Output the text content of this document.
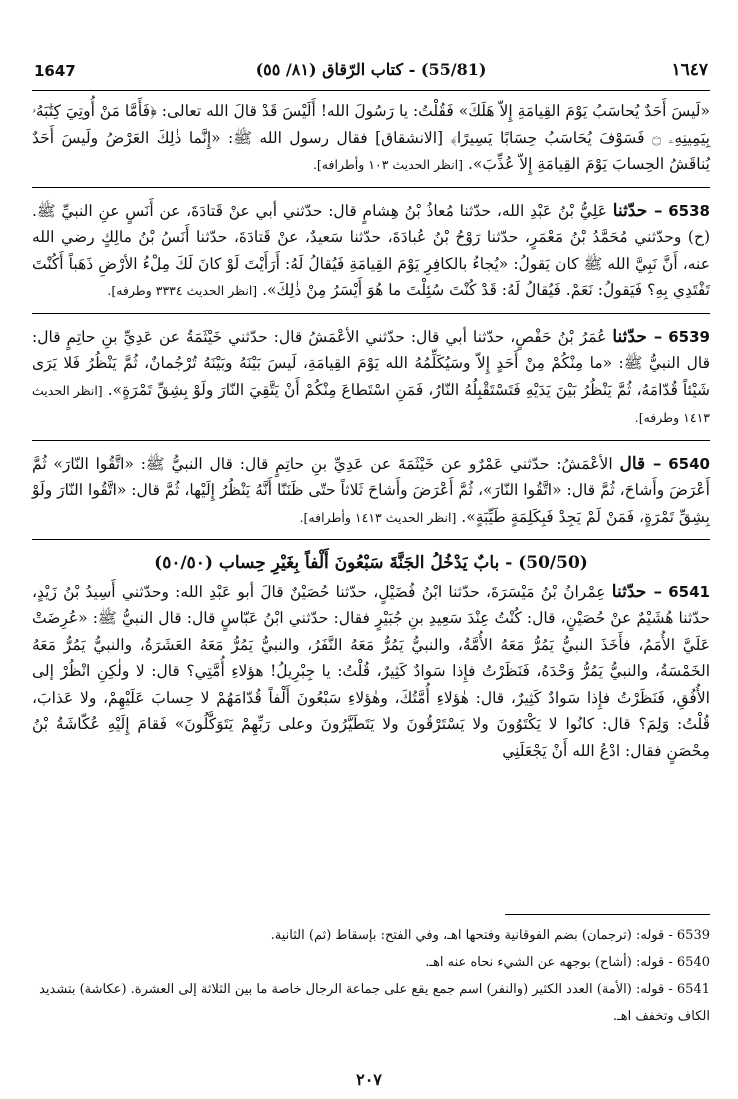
1647	(55/81) - كتاب الرّقاق (٨١/ ٥٥)	١٦٤٧

«لَيسَ أَحَدٌ يُحاسَبُ يَوْمَ القِيامَةِ إِلاّ هَلَكَ» فَقُلْتُ: يا رَسُولَ الله! أَلَيْسَ قَدْ قالَ الله تعالى: ﴿فَأَمَّا مَنْ أُوتِيَ كِتَٰبَهُۥ بِيَمِينِهِۦ ۝ فَسَوْفَ يُحَاسَبُ حِسَابًا يَسِيرًا﴾ [الانشقاق] فقال رسول الله ﷺ: «إِنَّما ذٰلِكَ العَرْضُ ولَيسَ أَحَدٌ يُناقَشُ الحِسابَ يَوْمَ القِيامَةِ إِلاّ عُذِّبَ». [انظر الحديث ١٠٣ وأطرافه].

6538 – حدّثنا عَلِيُّ بْنُ عَبْدِ الله، حدّثنا مُعاذُ بْنُ هِشامٍ قال: حدّثني أبي عنْ قَتادَةَ، عن أَنَسٍ عنِ النبيِّ ﷺ. (ح) وحدّثني مُحَمَّدُ بْنُ مَعْمَرٍ، حدّثنا رَوْحُ بْنُ عُبادَةَ، حدّثنا سَعيدٌ، عنْ قَتادَةَ، حدّثنا أَنَسُ بْنُ مالِكٍ رضي الله عنه، أَنَّ نَبِيَّ الله ﷺ كان يَقولُ: «يُجاءُ بالكافِرِ يَوْمَ القِيامَةِ فَيُقالُ لَهُ: أَرَأَيْتَ لَوْ كانَ لَكَ مِلْءُ الأرْضِ ذَهَباً أَكُنْتَ تَفْتَدِي بِهِ؟ فَيَقولُ: نَعَمْ. فَيُقالُ لَهُ: قَدْ كُنْتَ سُئِلْتَ ما هُوَ أَيْسَرُ مِنْ ذٰلِكَ». [انظر الحديث ٣٣٣٤ وطرفه].

6539 – حدّثنا عُمَرُ بْنُ حَفْصٍ، حدّثنا أبي قال: حدّثني الأعْمَشُ قال: حدّثني خَيْثَمَةُ عن عَدِيِّ بنِ حاتِمٍ قال: قال النبيُّ ﷺ: «ما مِنْكُمْ مِنْ أَحَدٍ إِلاّ وسَيُكَلِّمُهُ الله يَوْمَ القِيامَةِ، لَيسَ بَيْنَهُ وبَيْنَهُ تُرْجُمانٌ، ثُمَّ يَنْظُرُ فَلا يَرَى شَيْئاً قُدّامَهُ، ثُمَّ يَنْظُرُ بَيْنَ يَدَيْهِ فَتَسْتَقْبِلُهُ النّارُ، فَمَنِ اسْتَطاعَ مِنْكُمْ أَنْ يَتَّقِيَ النّارَ ولَوْ بِشِقِّ تَمْرَةٍ». [انظر الحديث ١٤١٣ وطرفه].

6540 – قال الأعْمَشُ: حدّثني عَمْرٌو عن خَيْثَمَةَ عن عَدِيِّ بنِ حاتِمٍ قال: قال النبيُّ ﷺ: «اتَّقُوا النّارَ» ثُمَّ أَعْرَضَ وأَشاحَ، ثُمَّ قال: «اتَّقُوا النّارَ»، ثُمَّ أَعْرَضَ وأَشاحَ ثَلاثاً حتّى ظَنَنّا أَنَّهُ يَنْظُرُ إِلَيْها، ثُمَّ قال: «اتَّقُوا النّارَ ولَوْ بِشِقِّ تَمْرَةٍ، فَمَنْ لَمْ يَجِدْ فَبِكَلِمَةٍ طَيِّبَةٍ». [انظر الحديث ١٤١٣ وأطرافه].

(50/50) - بابٌ يَدْخُلُ الجَنَّةَ سَبْعُونَ أَلْفاً بِغَيْرِ حِساب (٥٠/٥٠)

6541 – حدّثنا عِمْرانُ بْنُ مَيْسَرَةَ، حدّثنا ابْنُ فُضَيْلٍ، حدّثنا حُصَيْنٌ قالَ أبو عَبْدِ الله: وحدّثني أَسِيدُ بْنُ زَيْدٍ، حدّثنا هُشَيْمٌ عنْ حُصَيْنٍ، قال: كُنْتُ عِنْدَ سَعِيدِ بنِ جُبَيْرٍ فقال: حدّثني ابْنُ عَبّاسٍ قال: قال النبيُّ ﷺ: «عُرِضَتْ عَلَيَّ الأُمَمُ، فأَخَذَ النبيُّ يَمُرُّ مَعَهُ الأُمَّةُ، والنبيُّ يَمُرُّ مَعَهُ النَّفَرُ، والنبيُّ يَمُرُّ مَعَهُ العَشَرَةُ، والنبيُّ يَمُرُّ مَعَهُ الخَمْسَةُ، والنبيُّ يَمُرُّ وَحْدَهُ، فَنَظَرْتُ فإِذا سَوادٌ كَثِيرٌ، قُلْتُ: يا جِبْرِيلُ! هؤلاءِ أُمَّتِي؟ قال: لا ولٰكِنِ انْظُرْ إلى الأُفُقِ، فَنَظَرْتُ فإِذا سَوادٌ كَثِيرٌ، قال: هٰؤلاءِ أُمَّتُكَ، وهٰؤلاءِ سَبْعُونَ أَلْفاً قُدّامَهُمْ لا حِسابَ عَلَيْهِمْ، ولا عَذابَ، قُلْتُ: وَلِمَ؟ قال: كانُوا لا يَكْتَوُونَ ولا يَسْتَرْقُونَ ولا يَتَطَيَّرُونَ وعلى رَبِّهِمْ يَتَوَكَّلُونَ» فَقامَ إِلَيْهِ عُكّاشَةُ بْنُ مِحْصَنٍ فقال: ادْعُ الله أَنْ يَجْعَلَنِي

6539 - قوله: (ترجمان) بضم الفوقانية وفتحها اهـ، وفي الفتح: بإسقاط (ثم) الثانية.

6540 - قوله: (أشاح) بوجهه عن الشيء نحاه عنه اهـ.

6541 - قوله: (الأمة) العدد الكثير (والنفر) اسم جمع يقع على جماعة الرجال خاصة ما بين الثلاثة إلى العشرة. (عكاشة) بتشديد الكاف وتخفف اهـ.

٢٠٧
